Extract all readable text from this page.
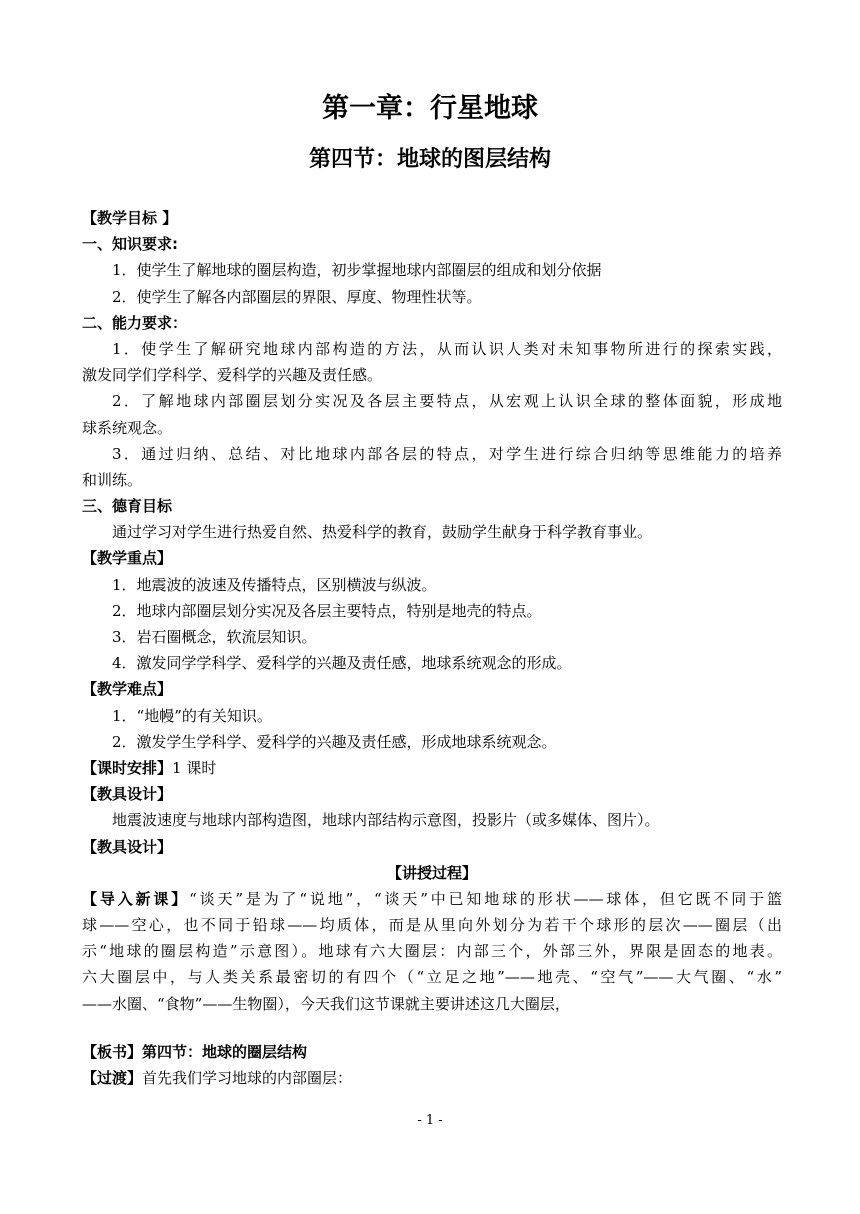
第一章：行星地球
第四节：地球的图层结构
【教学目标 】
一、知识要求:
1．使学生了解地球的圈层构造，初步掌握地球内部圈层的组成和划分依据
2．使学生了解各内部圈层的界限、厚度、物理性状等。
二、能力要求：
1．使学生了解研究地球内部构造的方法，从而认识人类对未知事物所进行的探索实践，
激发同学们学科学、爱科学的兴趣及责任感。
2．了解地球内部圈层划分实况及各层主要特点，从宏观上认识全球的整体面貌，形成地
球系统观念。
3．通过归纳、总结、对比地球内部各层的特点，对学生进行综合归纳等思维能力的培养
和训练。
三、德育目标
通过学习对学生进行热爱自然、热爱科学的教育，鼓励学生献身于科学教育事业。
【教学重点】
1．地震波的波速及传播特点，区别横波与纵波。
2．地球内部圈层划分实况及各层主要特点，特别是地壳的特点。
3．岩石圈概念，软流层知识。
4．激发同学学科学、爱科学的兴趣及责任感，地球系统观念的形成。
【教学难点】
1．“地幔”的有关知识。
2．激发学生学科学、爱科学的兴趣及责任感，形成地球系统观念。
【课时安排】1 课时
【教具设计】
地震波速度与地球内部构造图，地球内部结构示意图，投影片（或多媒体、图片）。
【教具设计】
【讲授过程】
【导入新课】“谈天”是为了“说地”，“谈天”中已知地球的形状——球体，但它既不同于篮
球——空心，也不同于铅球——均质体，而是从里向外划分为若干个球形的层次——圈层（出
示“地球的圈层构造”示意图）。地球有六大圈层：内部三个，外部三外，界限是固态的地表。
六大圈层中，与人类关系最密切的有四个（“立足之地”——地壳、“空气”——大气圈、“水”
——水圈、“食物”——生物圈），今天我们这节课就主要讲述这几大圈层，
【板书】第四节：地球的圈层结构
【过渡】首先我们学习地球的内部圈层：
- 1 -
